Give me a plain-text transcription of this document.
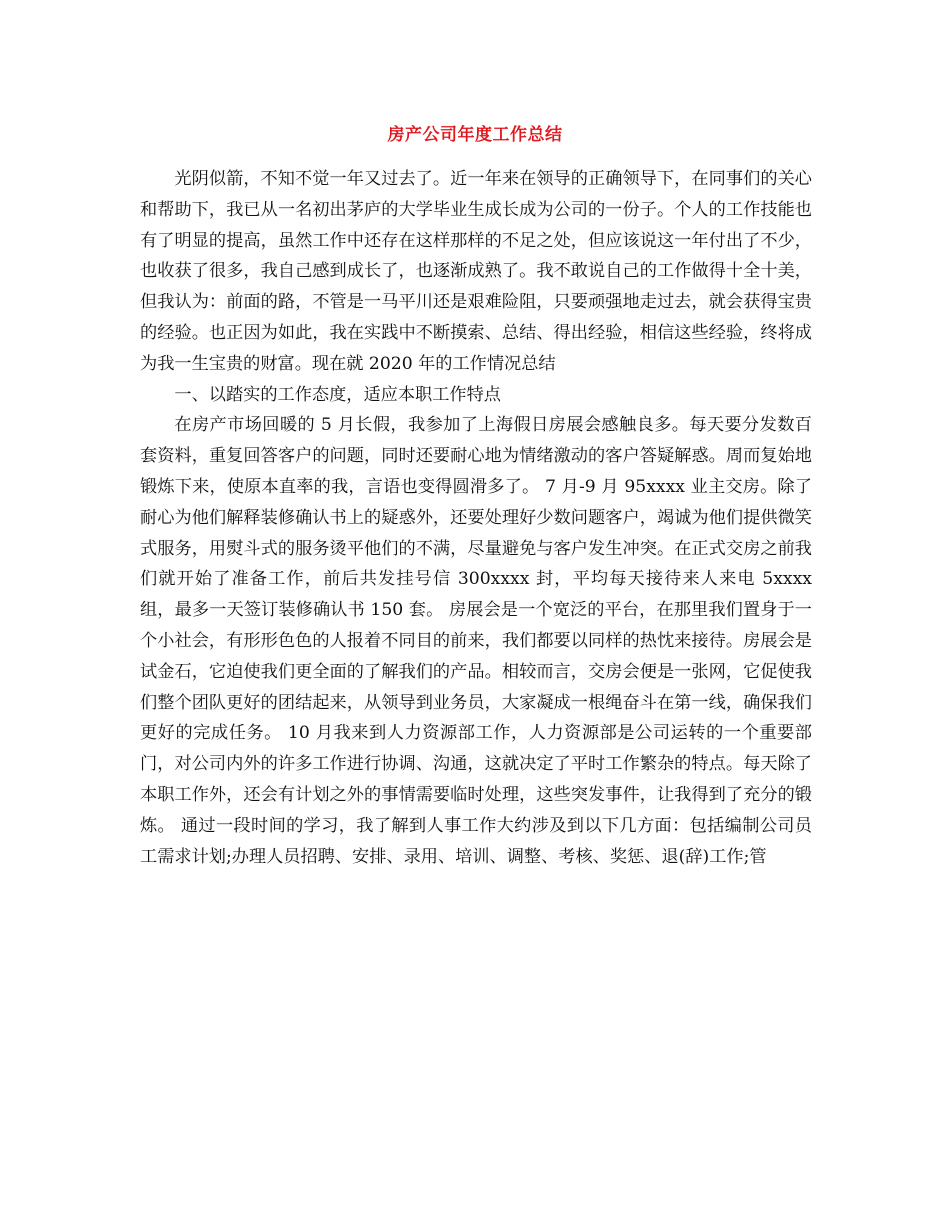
房产公司年度工作总结

光阴似箭，不知不觉一年又过去了。近一年来在领导的正确领导下，在同事们的关心和帮助下，我已从一名初出茅庐的大学毕业生成长成为公司的一份子。个人的工作技能也有了明显的提高，虽然工作中还存在这样那样的不足之处，但应该说这一年付出了不少，也收获了很多，我自己感到成长了，也逐渐成熟了。我不敢说自己的工作做得十全十美，但我认为：前面的路，不管是一马平川还是艰难险阻，只要顽强地走过去，就会获得宝贵的经验。也正因为如此，我在实践中不断摸索、总结、得出经验，相信这些经验，终将成为我一生宝贵的财富。现在就 2020 年的工作情况总结

一、以踏实的工作态度，适应本职工作特点

在房产市场回暖的 5 月长假，我参加了上海假日房展会感触良多。每天要分发数百套资料，重复回答客户的问题，同时还要耐心地为情绪激动的客户答疑解惑。周而复始地锻炼下来，使原本直率的我，言语也变得圆滑多了。 7 月-9 月 95xxxx 业主交房。除了耐心为他们解释装修确认书上的疑惑外，还要处理好少数问题客户，竭诚为他们提供微笑式服务，用熨斗式的服务烫平他们的不满，尽量避免与客户发生冲突。在正式交房之前我们就开始了准备工作，前后共发挂号信 300xxxx 封，平均每天接待来人来电 5xxxx 组，最多一天签订装修确认书 150 套。 房展会是一个宽泛的平台，在那里我们置身于一个小社会，有形形色色的人报着不同目的前来，我们都要以同样的热忱来接待。房展会是试金石，它迫使我们更全面的了解我们的产品。相较而言，交房会便是一张网，它促使我们整个团队更好的团结起来，从领导到业务员，大家凝成一根绳奋斗在第一线，确保我们更好的完成任务。 10 月我来到人力资源部工作，人力资源部是公司运转的一个重要部门，对公司内外的许多工作进行协调、沟通，这就决定了平时工作繁杂的特点。每天除了本职工作外，还会有计划之外的事情需要临时处理，这些突发事件，让我得到了充分的锻炼。 通过一段时间的学习，我了解到人事工作大约涉及到以下几方面：包括编制公司员工需求计划;办理人员招聘、安排、录用、培训、调整、考核、奖惩、退(辞)工作;管
